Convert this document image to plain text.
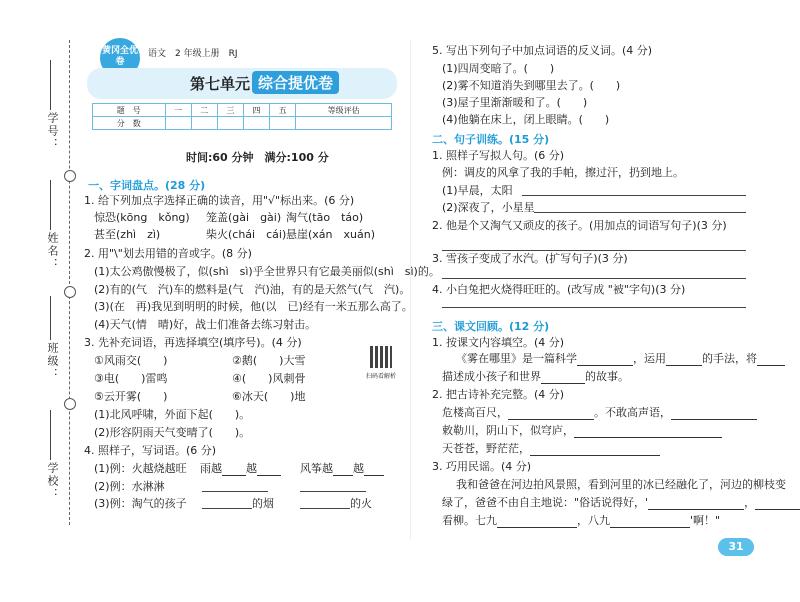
学号：
姓名：
班级：
学校：
黄冈全优卷
语文　2 年级上册　RJ
第七单元 综合提优卷
题　号	一	二	三	四	五	等级评估
分　数						
时间:60 分钟　满分:100 分
一、字词盘点。(28 分)
1. 给下列加点字选择正确的读音，用"√"标出来。(6 分)
惊恐(kōng　kǒng) 笼盖(gài　gài) 淘气(tāo　táo)
甚至(zhì　zì)	柴火(chái　cái) 悬崖(xán　xuán)
2. 用"\"划去用错的音或字。(8 分)
(1)太公鸡傲慢极了，似(shì　sì)乎全世界只有它最美丽似(shì　sì)的。
(2)有的(气　汽)车的燃料是(气　汽)油，有的是天然气(气　汽)。
(3)(在　再)我见到明明的时候，他(以　已)经有一米五那么高了。
(4)天气(情　晴)好，战士们准备去练习射击。
3. 先补充词语，再选择填空(填序号)。(4 分)
①风雨交(　　)	②鹅(　　)大雪
③电(　　)雷鸣	④(　　)风刺骨
⑤云开雾(　　)	⑥冰天(　　)地
(1)北风呼啸，外面下起(　　)。
(2)形容阴雨天气变晴了(　　)。
扫码看解析
4. 照样子，写词语。(6 分)
(1)例：火越烧越旺 雨越 越	风筝越 越
(2)例：水淋淋
(3)例：淘气的孩子	的烟	的火
5. 写出下列句子中加点词语的反义词。(4 分)
(1)四周变暗了。(　　)
(2)雾不知道消失到哪里去了。(　　)
(3)屋子里渐渐暖和了。(　　)
(4)他躺在床上，闭上眼睛。(　　)
二、句子训练。(15 分)
1. 照样子写拟人句。(6 分)
例：调皮的风拿了我的手帕，擦过汗，扔到地上。
(1)早晨，太阳
(2)深夜了，小星星
2. 他是个又淘气又顽皮的孩子。(用加点的词语写句子)(3 分)
3. 雪孩子变成了水汽。(扩写句子)(3 分)
4. 小白兔把火烧得旺旺的。(改写成 "被"字句)(3 分)
三、课文回顾。(12 分)
1. 按课文内容填空。(4 分)
《雾在哪里》是一篇科学	，运用	的手法，将
描述成小孩子和世界	的故事。
2. 把古诗补充完整。(4 分)
危楼高百尺，	。不敢高声语，
敕勒川，阴山下，似穹庐，
天苍苍，野茫茫，
3. 巧用民谣。(4 分)
我和爸爸在河边拍风景照，看到河里的冰已经融化了，河边的柳枝变
绿了，爸爸不由自主地说："俗话说得好，'	，
看柳。七九	，八九	'啊！"
31
